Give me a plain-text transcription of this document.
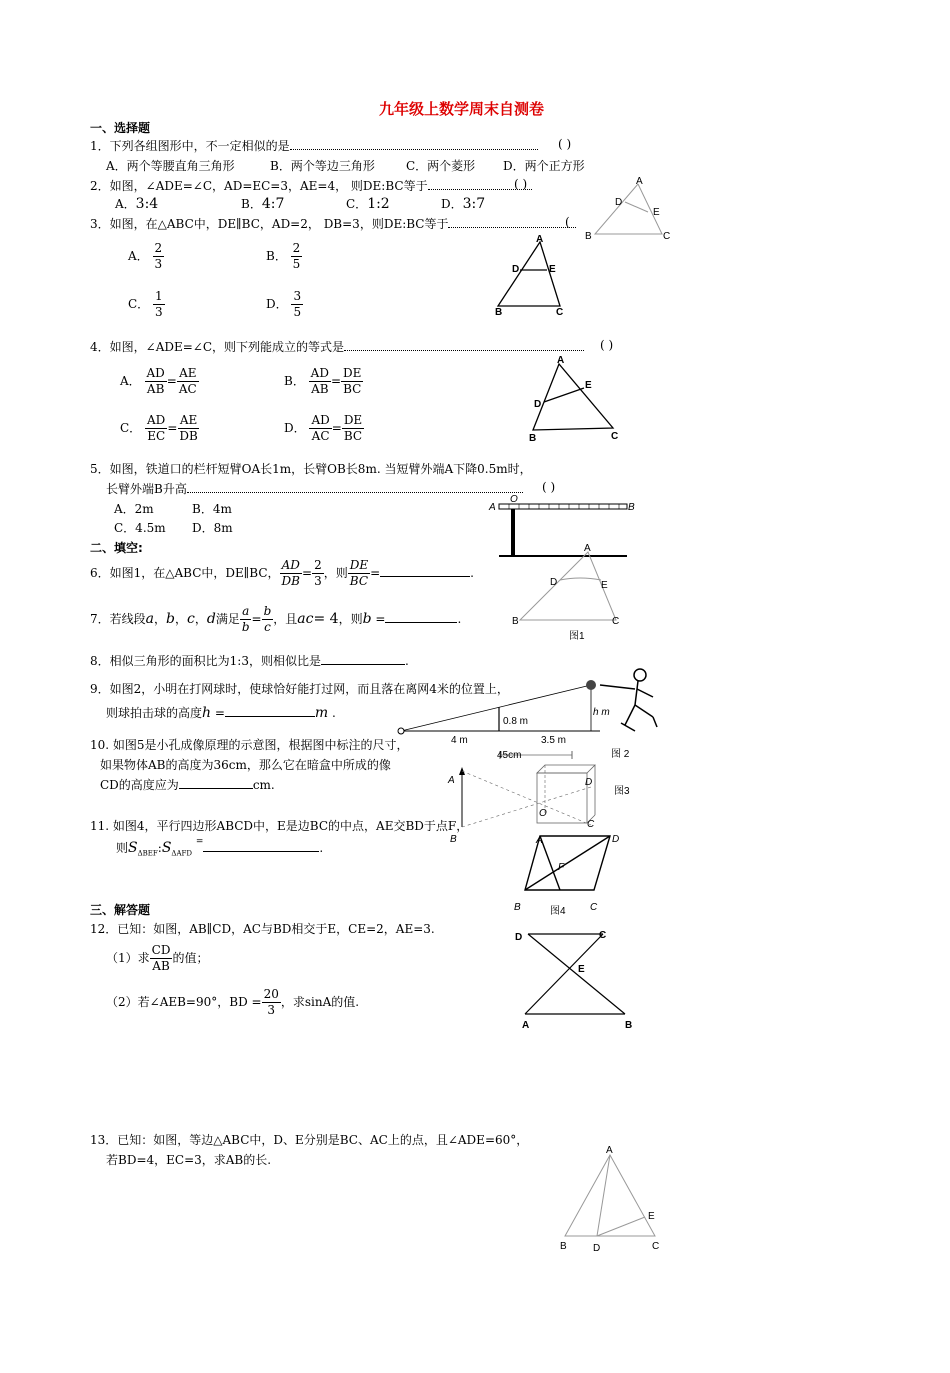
九年级上数学周末自测卷
一、选择题
1．下列各组图形中，不一定相似的是	( )
A．两个等腰直角三角形	B．两个等边三角形	C．两个菱形 D．两个正方形
2．如图，∠ADE=∠C，AD=EC=3，AE=4， 则DE:BC等于	( )
A．3:4	B．4:7	C．1:2	D．3:7
3．如图，在△ABC中，DE∥BC，AD=2， DB=3，则DE:BC等于	(
A． $\frac{2}{3}$	B． $\frac{2}{5}$
C． $\frac{1}{3}$	D． $\frac{3}{5}$
4．如图，∠ADE=∠C，则下列能成立的等式是	( )
A． $\frac{AD}{AB} = \frac{AE}{AC}$	B． $\frac{AD}{AB} = \frac{DE}{BC}$
C． $\frac{AD}{EC} = \frac{AE}{DB}$	D． $\frac{AD}{AC} = \frac{DE}{BC}$
5．如图，铁道口的栏杆短臂OA长1m，长臂OB长8m. 当短臂外端A下降0.5m时，
长臂外端B升高	( )
A．2m	B．4m
C．4.5m D．8m
二、填空:
6．如图1，在△ABC中，DE∥BC， $\frac{AD}{DB} = \frac{2}{3}$ ，则 $\frac{DE}{BC}$ =	.
7．若线段a，b，c，d满足 $\frac{a}{b} = \frac{b}{c}$ ，且ac= 4，则b =	.
8．相似三角形的面积比为1:3，则相似比是	.
9．如图2，小明在打网球时，使球恰好能打过网，而且落在离网4米的位置上，
则球拍击球的高度h =	m .
10. 如图5是小孔成像原理的示意图，根据图中标注的尺寸，
如果物体AB的高度为36cm，那么它在暗盒中所成的像
CD的高度应为	cm.
11. 如图4，平行四边形ABCD中，E是边BC的中点，AE交BD于点F，
则$S_{\Delta BEF}:S_{\Delta AFD}$ =	.
三、解答题
12．已知：如图，AB∥CD，AC与BD相交于E，CE=2，AE=3.
（1）求 $\frac{CD}{AB}$ 的值；
（2）若∠AEB=90°，BD = $\frac{20}{3}$ ，求sinA的值.
13．已知：如图，等边△ABC中，D、E分别是BC、AC上的点，且∠ADE=60°，
若BD=4，EC=3，求AB的长.
A
D
E
B	C
A
D	E
B	C
A
E
D
B	C
A
O
B
A
D	E
B	C
图1
h m
0.8 m
4 m	3.5 m
图 2
45cm
A	D
O
B
C
图3
A	D
F
B	图4 C
D	C
E
A	B
A
E
B	D	C
